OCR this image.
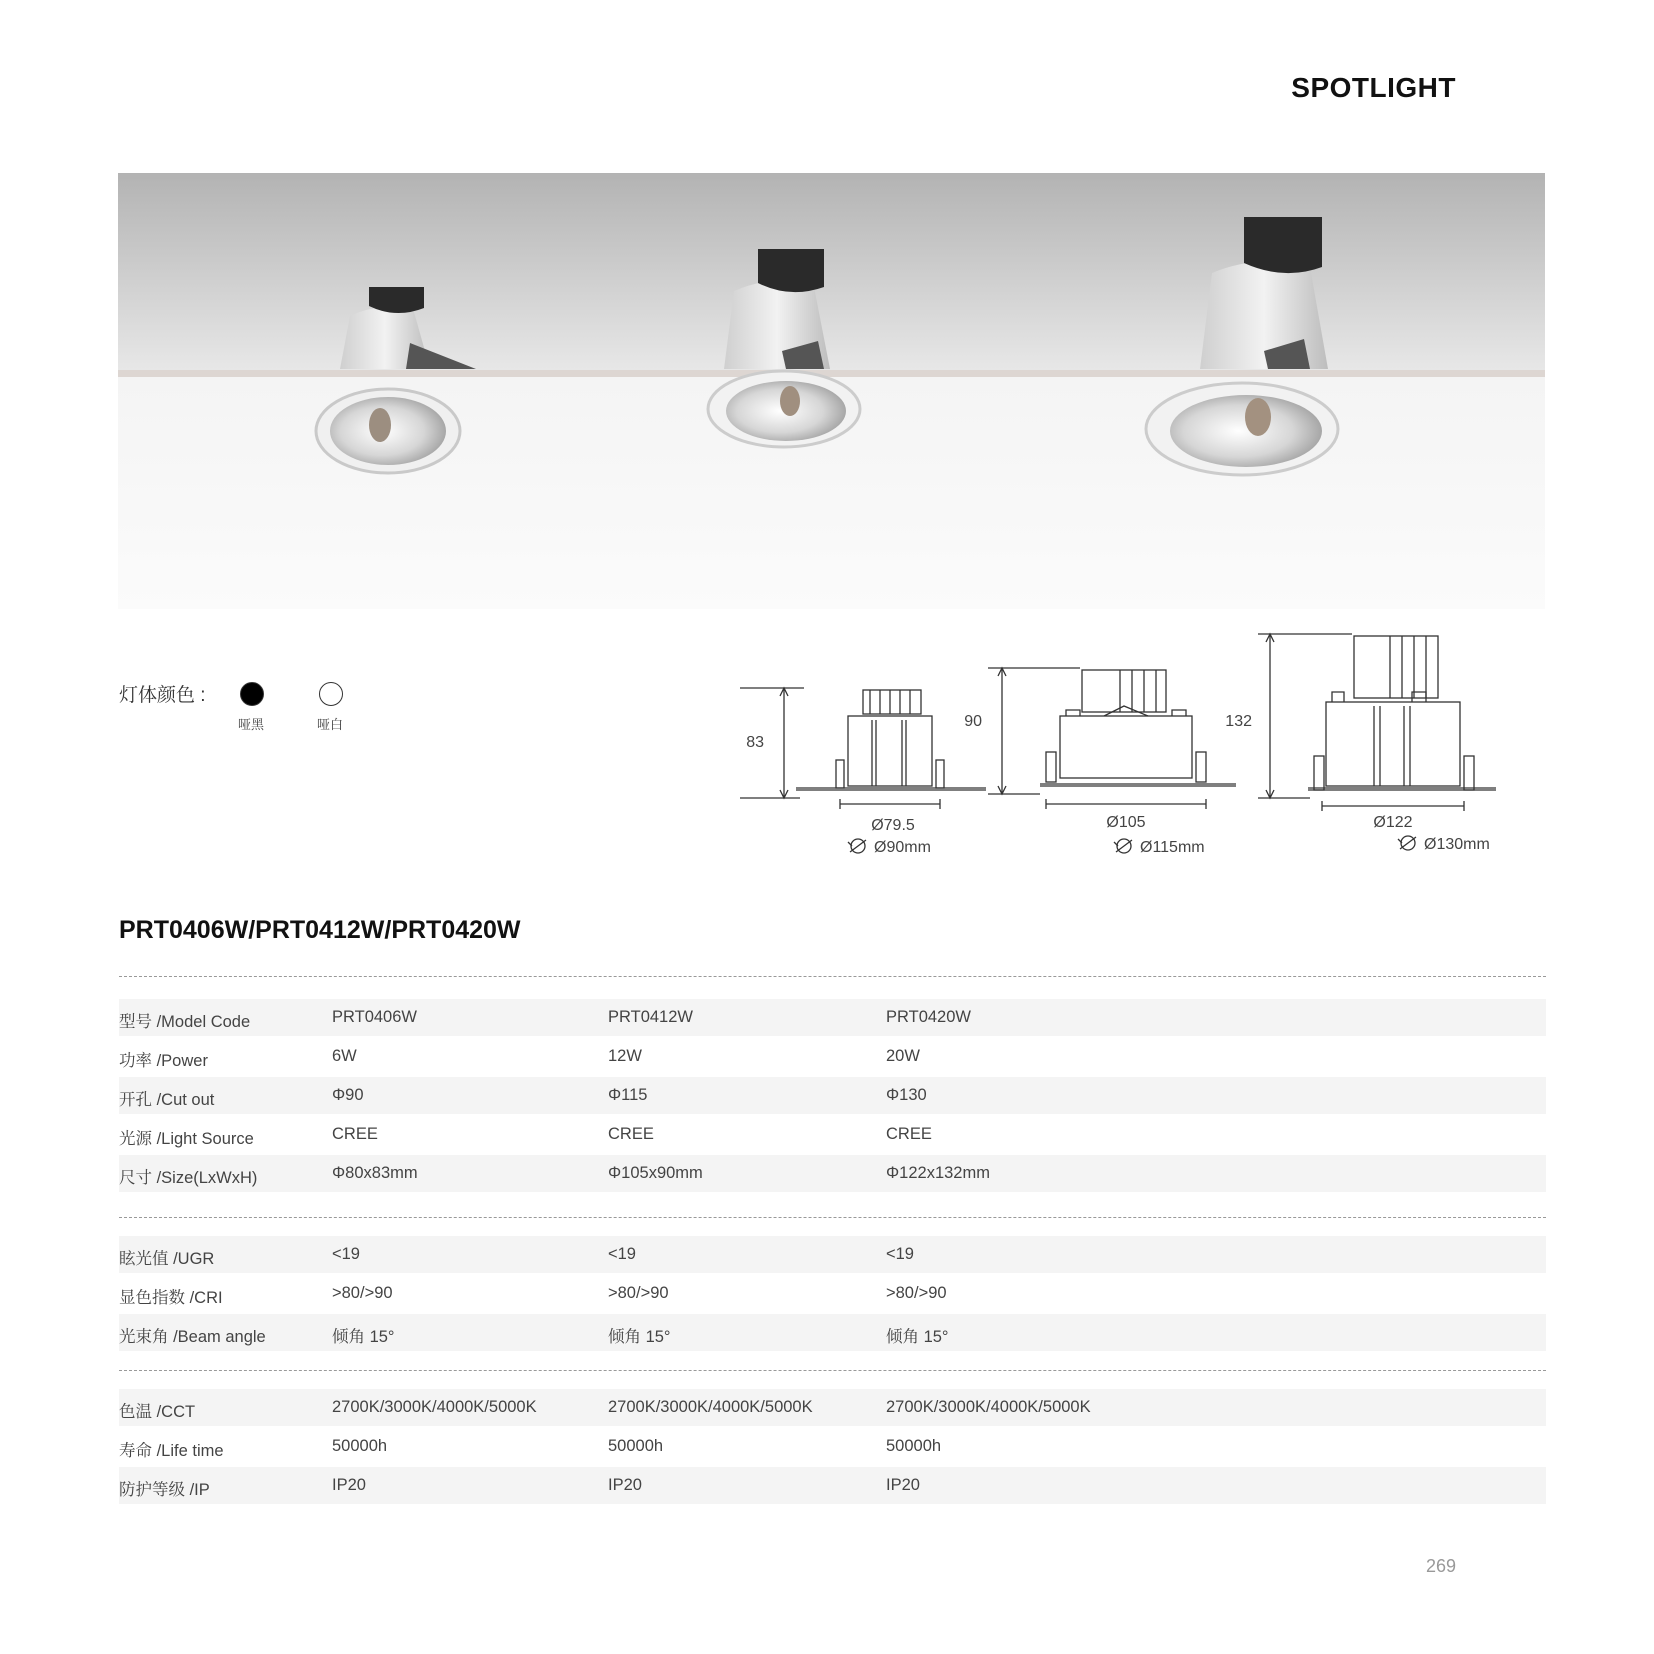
SPOTLIGHT
灯体颜色 :
哑黑	哑白
83
Ø79.5
Ø90mm
90
Ø105
Ø115mm
132
Ø122
Ø130mm
PRT0406W/PRT0412W/PRT0420W
型号 /Model Code	PRT0406W	PRT0412W	PRT0420W
功率 /Power	6W	12W	20W
开孔 /Cut out	Φ90	Φ115	Φ130
光源 /Light Source	CREE	CREE	CREE
尺寸 /Size(LxWxH)	Φ80x83mm	Φ105x90mm	Φ122x132mm
眩光值 /UGR	<19	<19	<19
显色指数 /CRI	>80/>90	>80/>90	>80/>90
光束角 /Beam angle	倾角 15°	倾角 15°	倾角 15°
色温 /CCT	2700K/3000K/4000K/5000K	2700K/3000K/4000K/5000K	2700K/3000K/4000K/5000K
寿命 /Life time	50000h	50000h	50000h
防护等级 /IP	IP20	IP20	IP20
269
